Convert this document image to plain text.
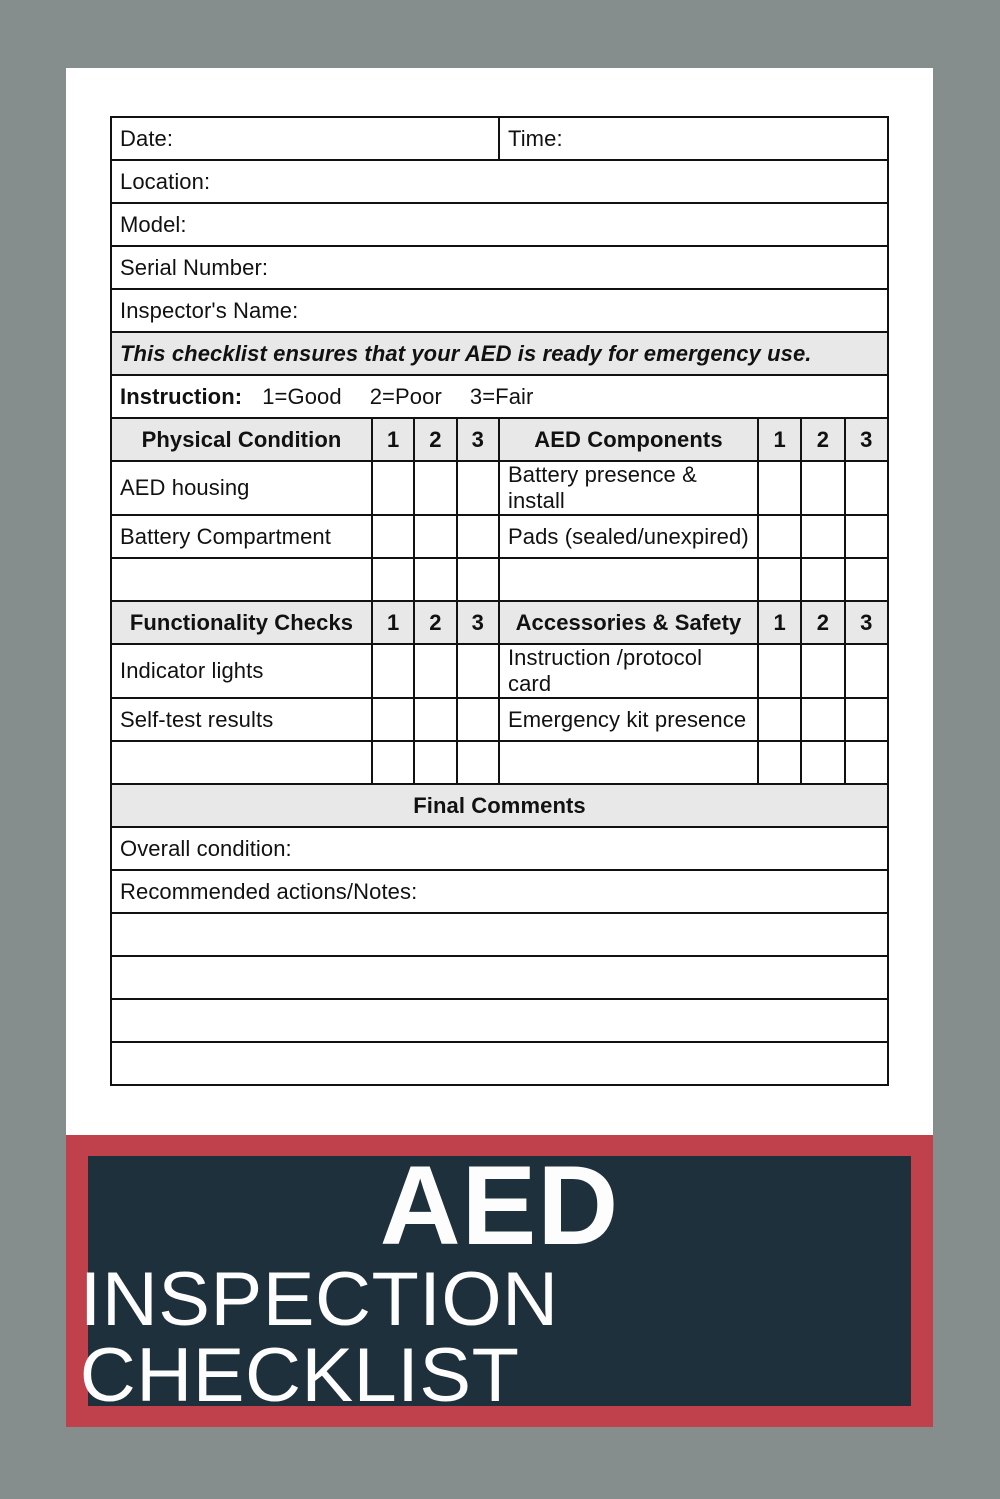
Date:				Time:			
Location:							
Model:							
Serial Number:							
Inspector's Name:							
This checklist ensures that your AED is ready for emergency use.							
Instruction: 1=Good 2=Poor 3=Fair							
Physical Condition	1	2	3	AED Components	1	2	3
AED housing				Battery presence & install			
Battery Compartment				Pads (sealed/unexpired)			

Functionality Checks	1	2	3	Accessories & Safety	1	2	3
Indicator lights				Instruction /protocol card			
Self-test results				Emergency kit presence			

Final Comments							
Overall condition:							
Recommended actions/Notes:							

AED
INSPECTION CHECKLIST
